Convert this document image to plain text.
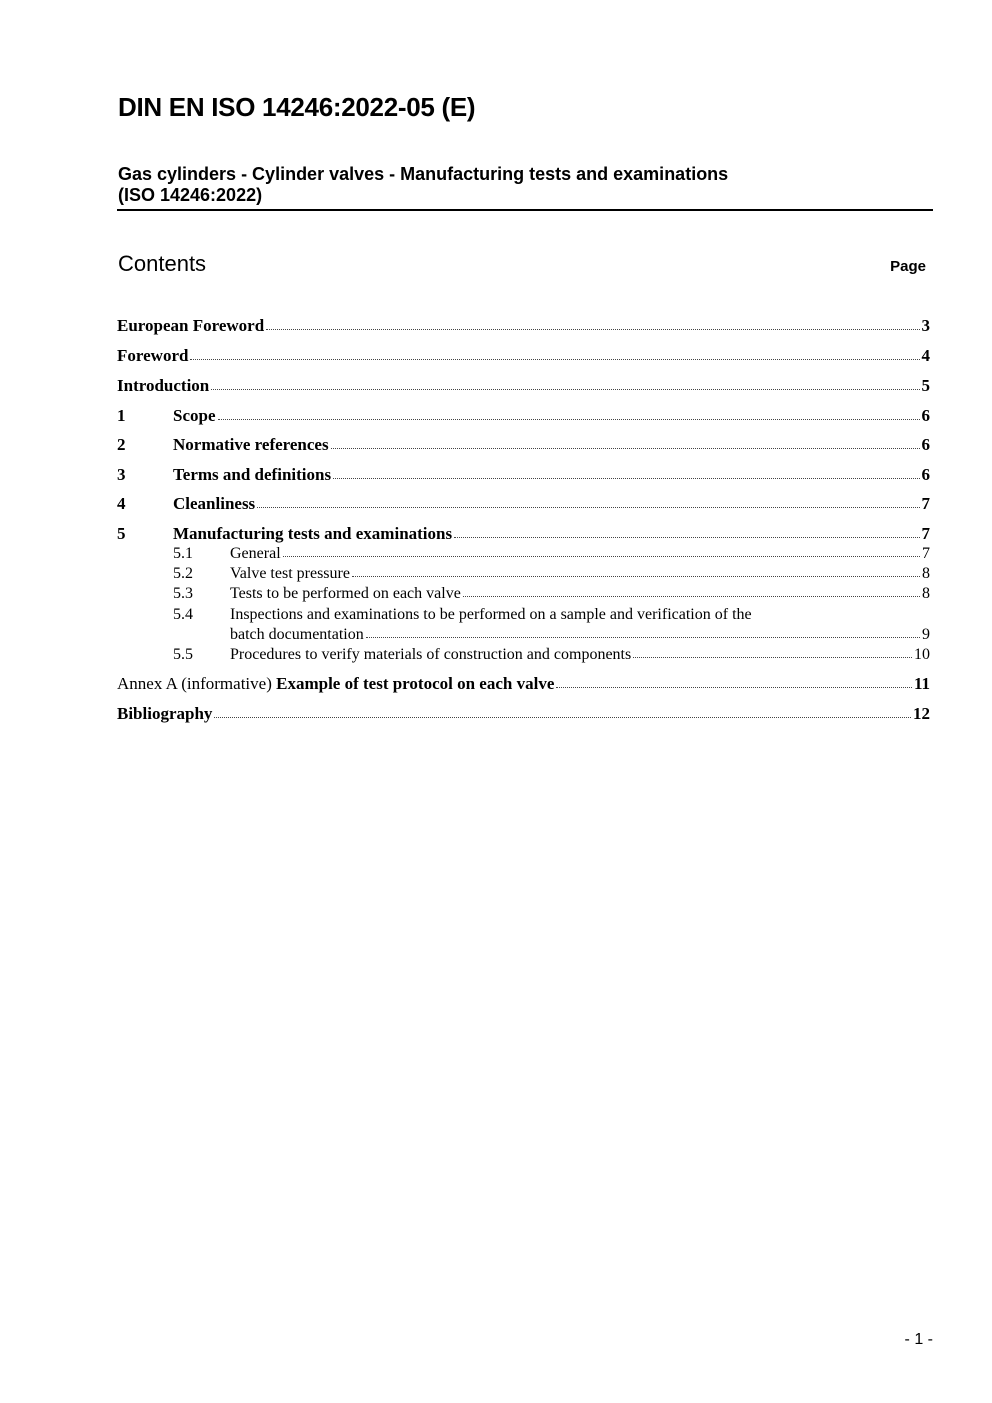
DIN EN ISO 14246:2022-05 (E)
Gas cylinders - Cylinder valves - Manufacturing tests and examinations
(ISO 14246:2022)
Contents	Page
European Foreword	3
Foreword	4
Introduction	5
1	Scope	6
2	Normative references	6
3	Terms and definitions	6
4	Cleanliness	7
5	Manufacturing tests and examinations	7
5.1	General	7
5.2	Valve test pressure	8
5.3	Tests to be performed on each valve	8
5.4	Inspections and examinations to be performed on a sample and verification of the
batch documentation	9
5.5	Procedures to verify materials of construction and components	10
Annex A (informative) Example of test protocol on each valve	11
Bibliography	12
- 1 -
